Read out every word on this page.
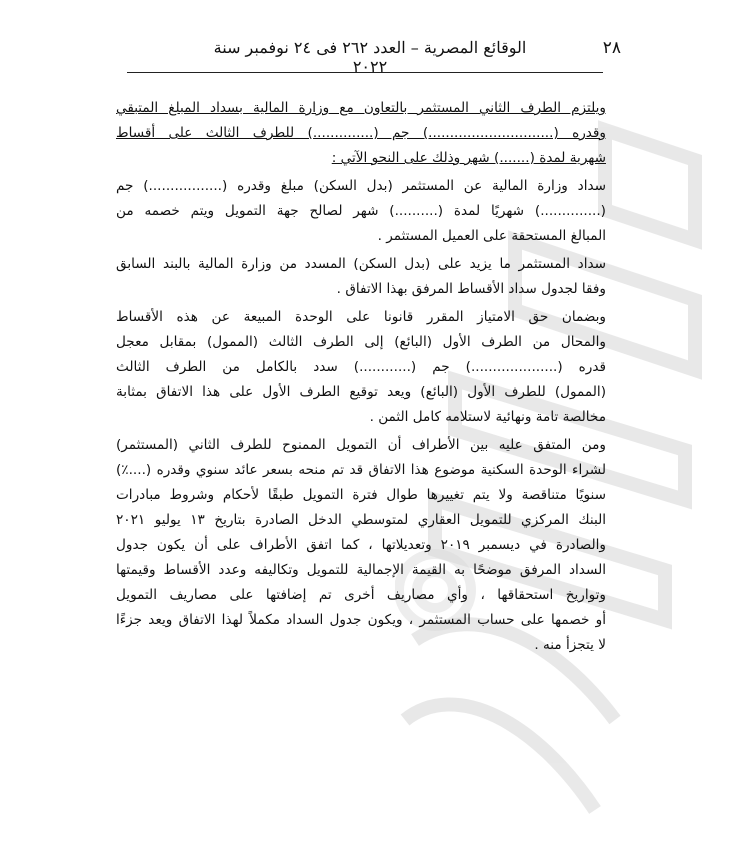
٢٨
الوقائع المصرية – العدد ٢٦٢ فى ٢٤ نوفمبر سنة ٢٠٢٢
ويلتزم الطرف الثاني المستثمر بالتعاون مع وزارة المالية بسداد المبلغ المتبقي
وقدره (.............................) جم (..............) للطرف الثالث على أقساط
شهرية لمدة (.......) شهر وذلك على النحو الآتي :
سداد وزارة المالية عن المستثمر (بدل السكن) مبلغ وقدره (.................) جم
(..............) شهريًا لمدة (..........) شهر لصالح جهة التمويل ويتم خصمه من
المبالغ المستحقة على العميل المستثمر .
سداد المستثمر ما يزيد على (بدل السكن) المسدد من وزارة المالية بالبند السابق
وفقا لجدول سداد الأقساط المرفق بهذا الاتفاق .
وبضمان حق الامتياز المقرر قانونا على الوحدة المبيعة عن هذه الأقساط
والمحال من الطرف الأول (البائع) إلى الطرف الثالث (الممول) بمقابل معجل
قدره (....................) جم (............) سدد بالكامل من الطرف الثالث
(الممول) للطرف الأول (البائع) ويعد توقيع الطرف الأول على هذا الاتفاق بمثابة
مخالصة تامة ونهائية لاستلامه كامل الثمن .
ومن المتفق عليه بين الأطراف أن التمويل الممنوح للطرف الثاني (المستثمر)
لشراء الوحدة السكنية موضوع هذا الاتفاق قد تم منحه بسعر عائد سنوي وقدره (....٪)
سنويًا متناقصة ولا يتم تغييرها طوال فترة التمويل طبقًا لأحكام وشروط مبادرات
البنك المركزي للتمويل العقاري لمتوسطي الدخل الصادرة بتاريخ ١٣ يوليو ٢٠٢١
والصادرة في ديسمبر ٢٠١٩ وتعديلاتها ، كما اتفق الأطراف على أن يكون جدول
السداد المرفق موضحًا به القيمة الإجمالية للتمويل وتكاليفه وعدد الأقساط وقيمتها
وتواريخ استحقاقها ، وأي مصاريف أخرى تم إضافتها على مصاريف التمويل
أو خصمها على حساب المستثمر ، ويكون جدول السداد مكملاً لهذا الاتفاق ويعد جزءًا
لا يتجزأ منه .
